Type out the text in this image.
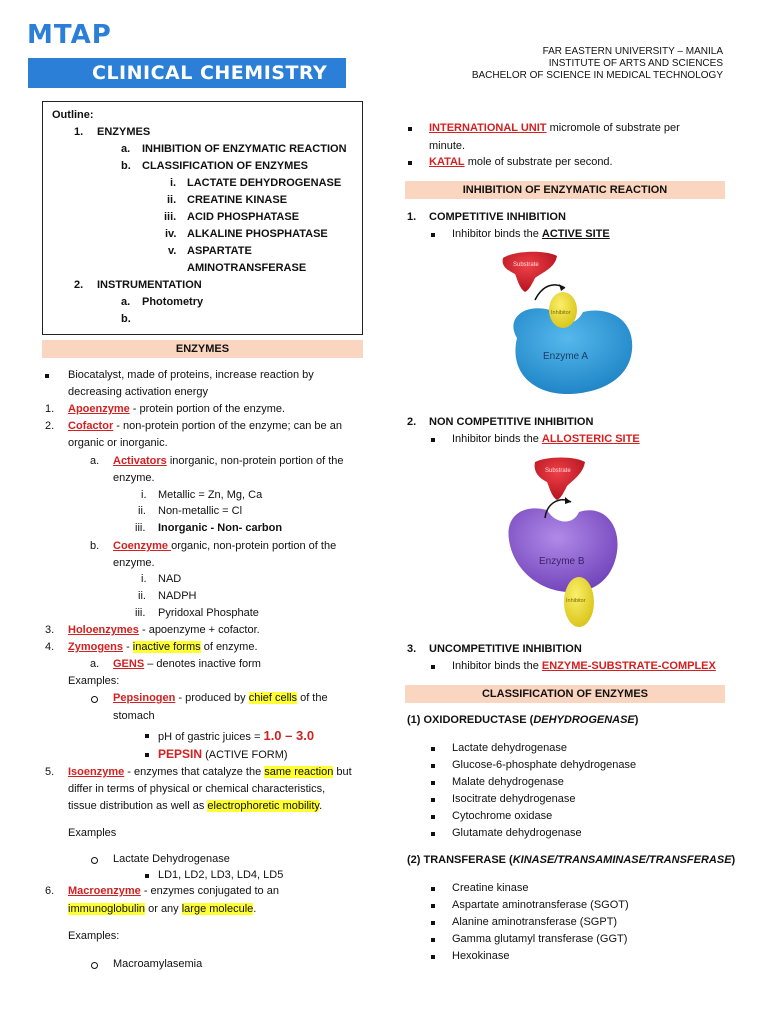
MTAP
CLINICAL CHEMISTRY
FAR EASTERN UNIVERSITY – MANILA
INSTITUTE OF ARTS AND SCIENCES
BACHELOR OF SCIENCE IN MEDICAL TECHNOLOGY
Outline:
1. ENZYMES
a. INHIBITION OF ENZYMATIC REACTION
b. CLASSIFICATION OF ENZYMES
i. LACTATE DEHYDROGENASE
ii. CREATINE KINASE
iii. ACID PHOSPHATASE
iv. ALKALINE PHOSPHATASE
v. ASPARTATE
AMINOTRANSFERASE
2. INSTRUMENTATION
a. Photometry
b.
ENZYMES
Biocatalyst, made of proteins, increase reaction by
decreasing activation energy
1. Apoenzyme - protein portion of the enzyme.
2. Cofactor - non-protein portion of the enzyme; can be an
organic or inorganic.
a. Activators inorganic, non-protein portion of the
enzyme.
i. Metallic = Zn, Mg, Ca
ii. Non-metallic = Cl
iii. Inorganic - Non- carbon
b. Coenzyme organic, non-protein portion of the
enzyme.
i. NAD
ii. NADPH
iii. Pyridoxal Phosphate
3. Holoenzymes - apoenzyme + cofactor.
4. Zymogens - inactive forms of enzyme.
a. GENS – denotes inactive form
Examples:
Pepsinogen - produced by chief cells of the
stomach
pH of gastric juices = 1.0 – 3.0
PEPSIN (ACTIVE FORM)
5. Isoenzyme - enzymes that catalyze the same reaction but
differ in terms of physical or chemical characteristics,
tissue distribution as well as electrophoretic mobility.
Examples
Lactate Dehydrogenase
LD1, LD2, LD3, LD4, LD5
6. Macroenzyme - enzymes conjugated to an
immunoglobulin or any large molecule.
Examples:
Macroamylasemia
INTERNATIONAL UNIT micromole of substrate per
minute.
KATAL mole of substrate per second.
INHIBITION OF ENZYMATIC REACTION
1. COMPETITIVE INHIBITION
Inhibitor binds the ACTIVE SITE
Enzyme A
Substrate
Inhibitor
2. NON COMPETITIVE INHIBITION
Inhibitor binds the ALLOSTERIC SITE
Enzyme B
Substrate
Inhibitor
3. UNCOMPETITIVE INHIBITION
Inhibitor binds the ENZYME-SUBSTRATE-COMPLEX
CLASSIFICATION OF ENZYMES
(1) OXIDOREDUCTASE (DEHYDROGENASE)
Lactate dehydrogenase
Glucose-6-phosphate dehydrogenase
Malate dehydrogenase
Isocitrate dehydrogenase
Cytochrome oxidase
Glutamate dehydrogenase
(2) TRANSFERASE (KINASE/TRANSAMINASE/TRANSFERASE)
Creatine kinase
Aspartate aminotransferase (SGOT)
Alanine aminotransferase (SGPT)
Gamma glutamyl transferase (GGT)
Hexokinase
